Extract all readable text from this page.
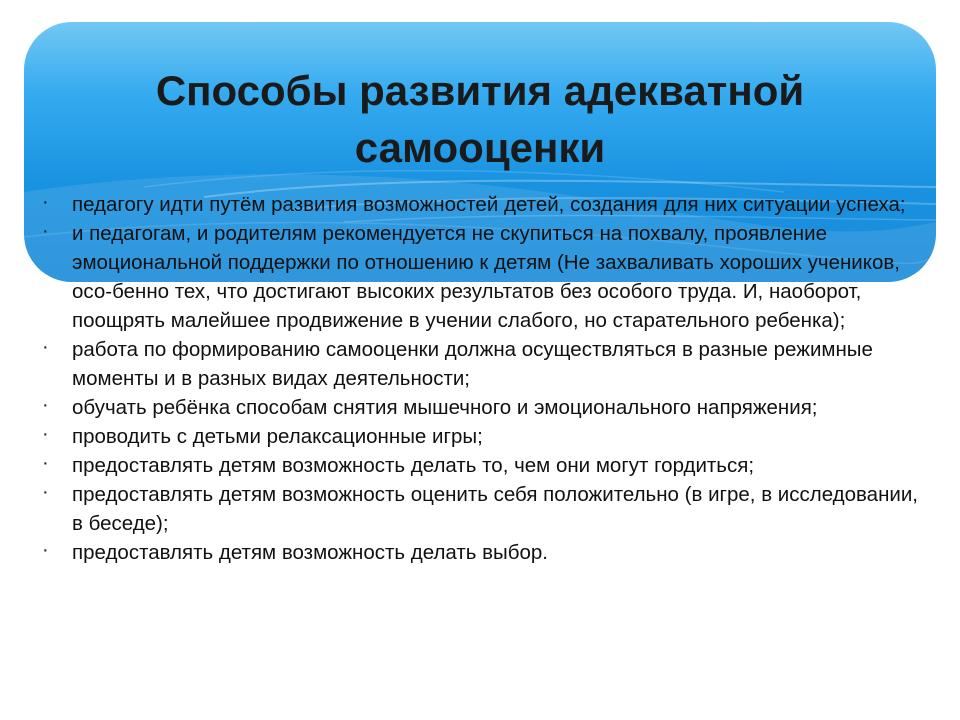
Способы развития адекватной
самооценки
·	педагогу идти путём развития возможностей детей, создания для них ситуации успеха;
·	и педагогам, и родителям рекомендуется не скупиться на похвалу, проявление эмоциональной поддержки по отношению к детям (Не захваливать хороших учеников, осо-бенно тех, что достигают высоких результатов без особого труда. И, наоборот, поощрять малейшее продвижение в учении слабого, но старательного ребенка);
·	работа по формированию самооценки должна осуществляться в разные режимные моменты и в разных видах деятельности;
·	обучать ребёнка способам снятия мышечного и эмоционального напряжения;
·	проводить с детьми релаксационные игры;
·	предоставлять детям возможность делать то, чем они могут гордиться;
·	предоставлять детям возможность оценить себя положительно (в игре, в исследовании, в беседе);
·	предоставлять детям возможность делать выбор.
